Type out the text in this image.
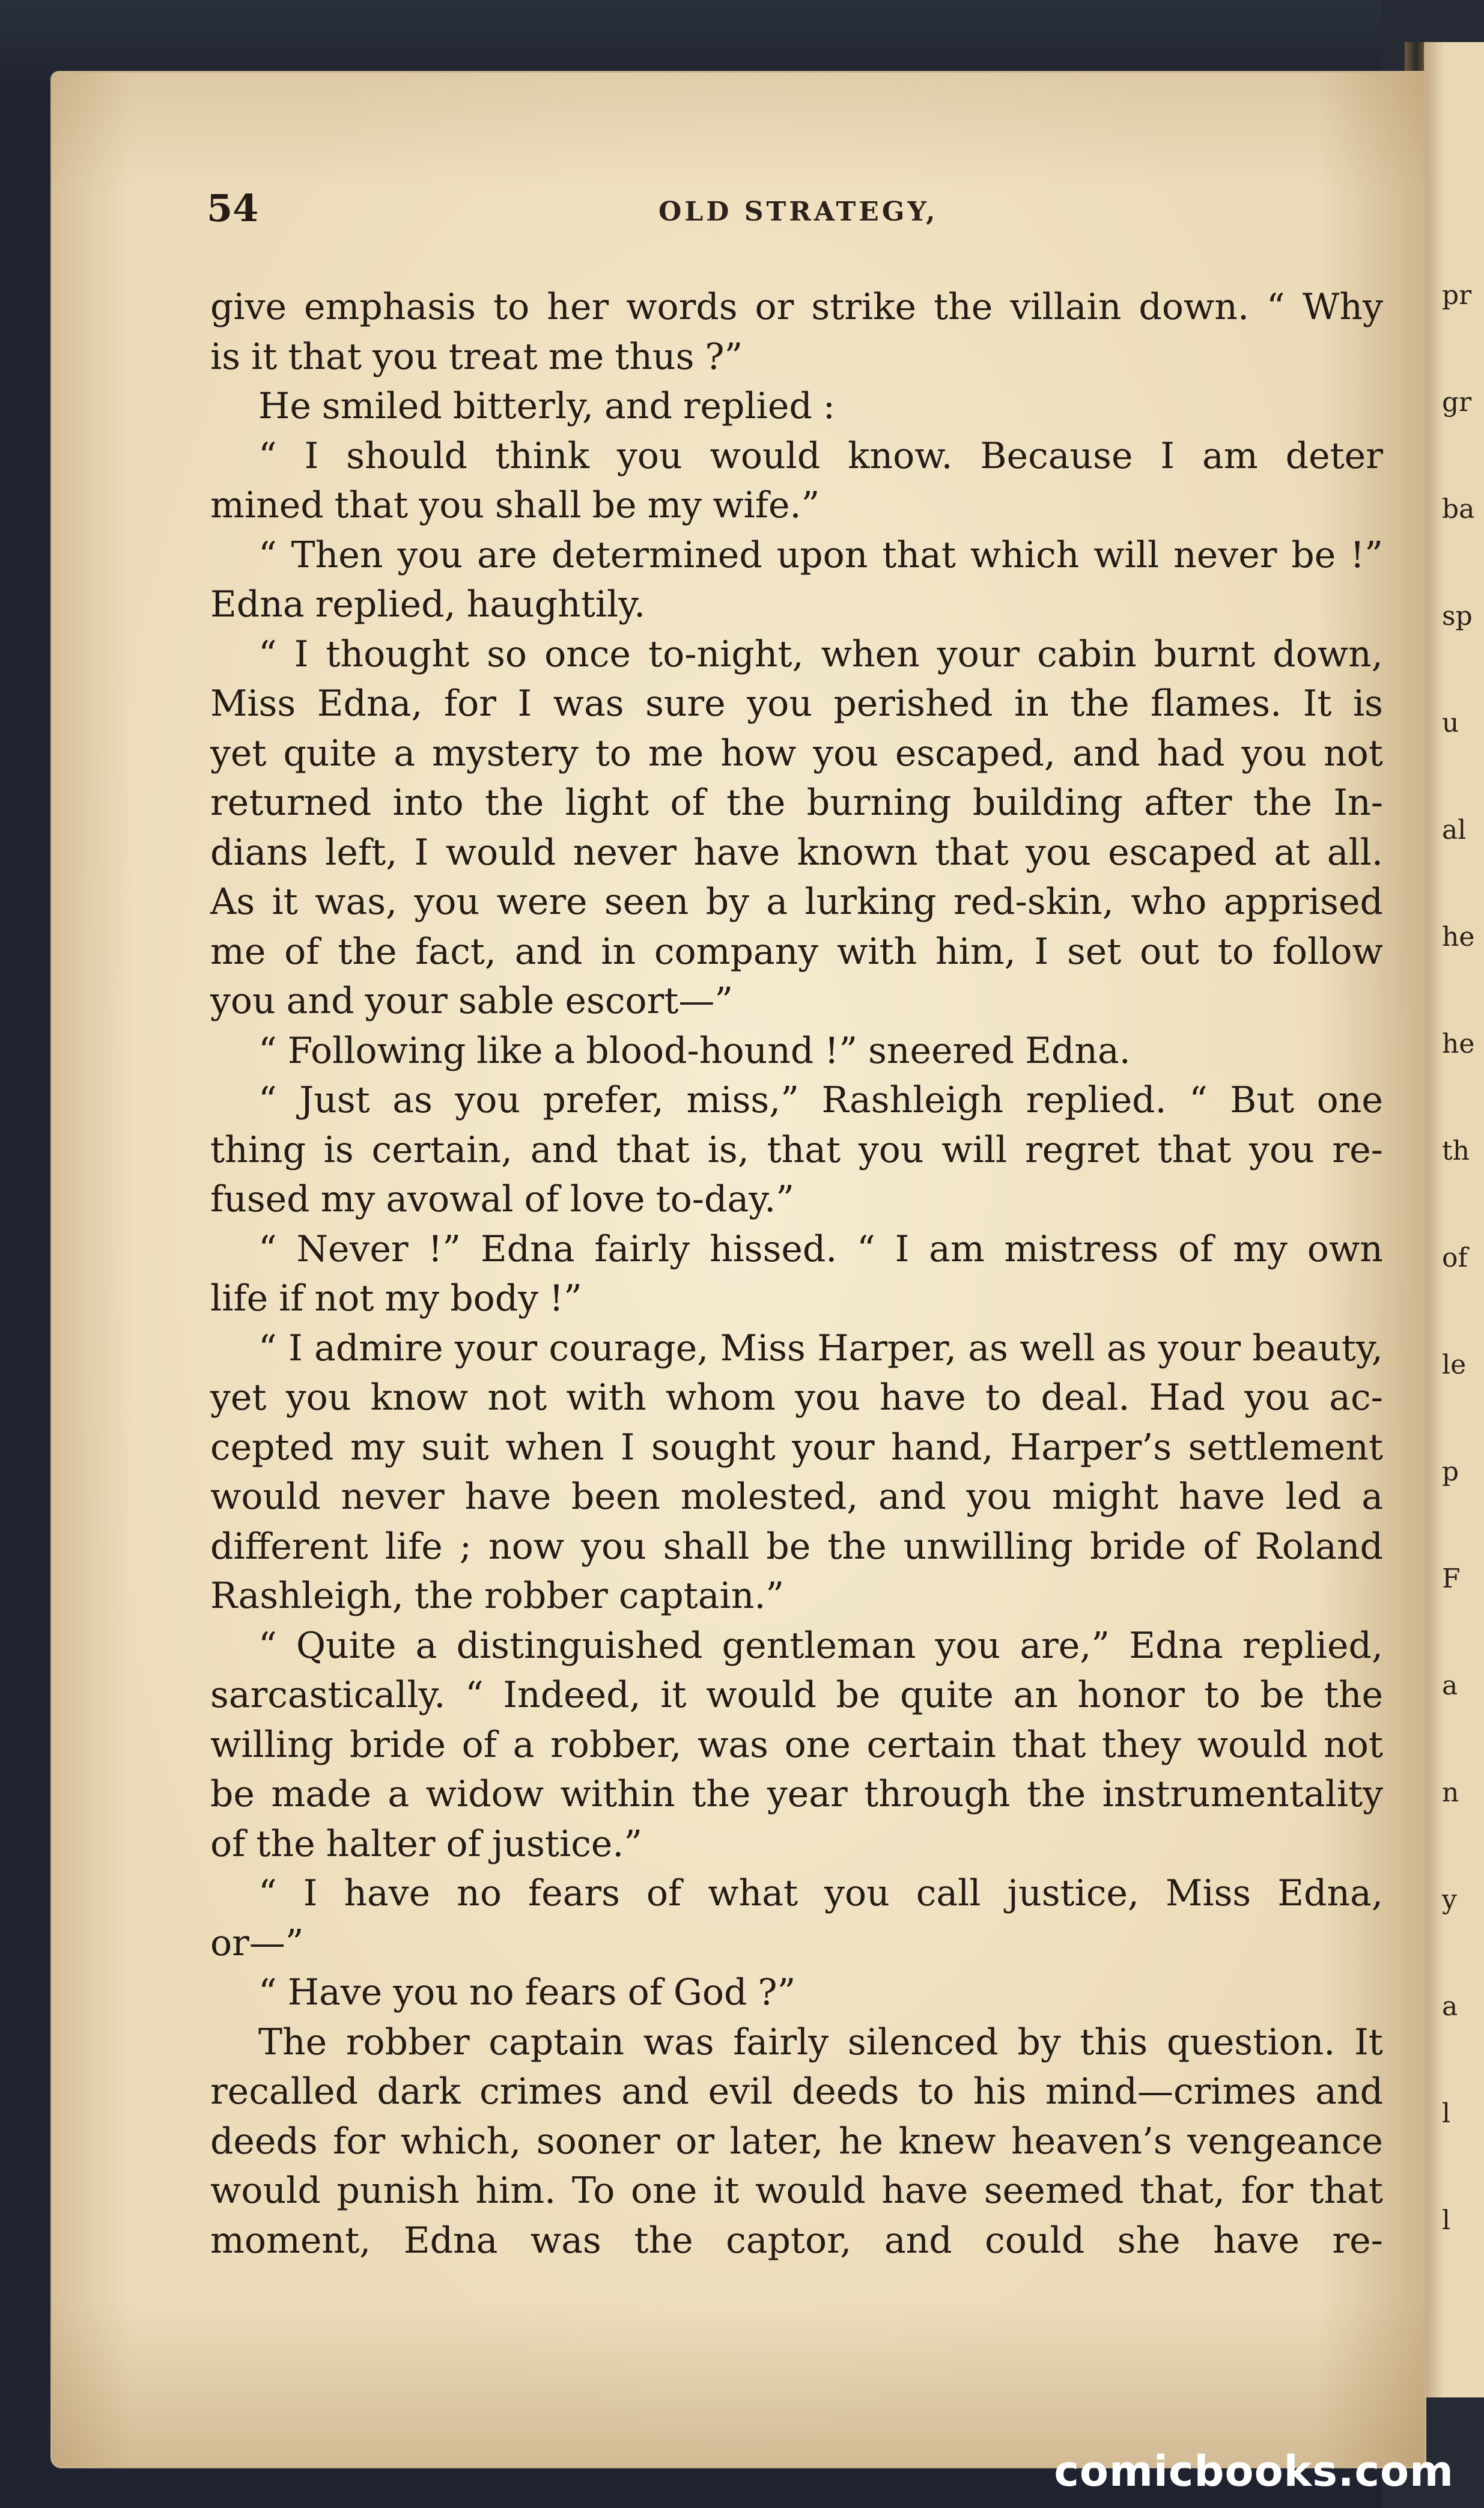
54	OLD STRATEGY,
give emphasis to her words or strike the villain down. “ Why
is it that you treat me thus ?”
He smiled bitterly, and replied :
“ I should think you would know. Because I am deter
mined that you shall be my wife.”
“ Then you are determined upon that which will never be !”
Edna replied, haughtily.
“ I thought so once to-night, when your cabin burnt down,
Miss Edna, for I was sure you perished in the flames. It is
yet quite a mystery to me how you escaped, and had you not
returned into the light of the burning building after the In-
dians left, I would never have known that you escaped at all.
As it was, you were seen by a lurking red-skin, who apprised
me of the fact, and in company with him, I set out to follow
you and your sable escort—”
“ Following like a blood-hound !” sneered Edna.
“ Just as you prefer, miss,” Rashleigh replied. “ But one
thing is certain, and that is, that you will regret that you re-
fused my avowal of love to-day.”
“ Never !” Edna fairly hissed. “ I am mistress of my own
life if not my body !”
“ I admire your courage, Miss Harper, as well as your beauty,
yet you know not with whom you have to deal. Had you ac-
cepted my suit when I sought your hand, Harper’s settlement
would never have been molested, and you might have led a
different life ; now you shall be the unwilling bride of Roland
Rashleigh, the robber captain.”
“ Quite a distinguished gentleman you are,” Edna replied,
sarcastically. “ Indeed, it would be quite an honor to be the
willing bride of a robber, was one certain that they would not
be made a widow within the year through the instrumentality
of the halter of justice.”
“ I have no fears of what you call justice, Miss Edna,
or—”
“ Have you no fears of God ?”
The robber captain was fairly silenced by this question. It
recalled dark crimes and evil deeds to his mind—crimes and
deeds for which, sooner or later, he knew heaven’s vengeance
would punish him. To one it would have seemed that, for that
moment, Edna was the captor, and could she have re-
comicbooks.com
pr
gr
ba
sp
u
al
he
he
th
of
le
p
F
a
n
y
a
l
l
